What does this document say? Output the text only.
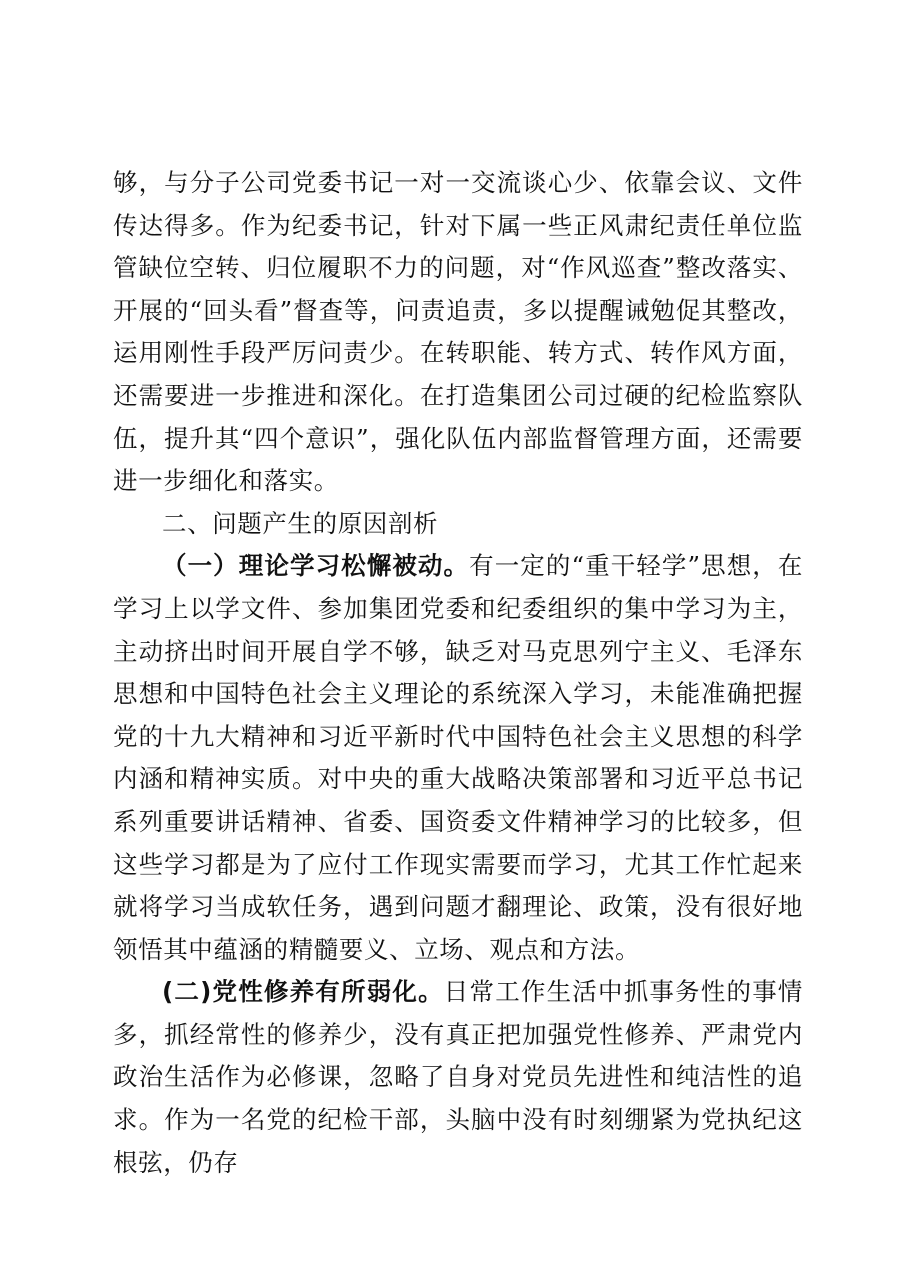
够，与分子公司党委书记一对一交流谈心少、依靠会议、文件传达得多。作为纪委书记，针对下属一些正风肃纪责任单位监管缺位空转、归位履职不力的问题，对“作风巡查”整改落实、开展的“回头看”督查等，问责追责，多以提醒诫勉促其整改，运用刚性手段严厉问责少。在转职能、转方式、转作风方面，还需要进一步推进和深化。在打造集团公司过硬的纪检监察队伍，提升其“四个意识”，强化队伍内部监督管理方面，还需要进一步细化和落实。

二、问题产生的原因剖析

（一）理论学习松懈被动。有一定的“重干轻学”思想，在学习上以学文件、参加集团党委和纪委组织的集中学习为主，主动挤出时间开展自学不够，缺乏对马克思列宁主义、毛泽东思想和中国特色社会主义理论的系统深入学习，未能准确把握党的十九大精神和习近平新时代中国特色社会主义思想的科学内涵和精神实质。对中央的重大战略决策部署和习近平总书记系列重要讲话精神、省委、国资委文件精神学习的比较多，但这些学习都是为了应付工作现实需要而学习，尤其工作忙起来就将学习当成软任务，遇到问题才翻理论、政策，没有很好地领悟其中蕴涵的精髓要义、立场、观点和方法。

(二)党性修养有所弱化。日常工作生活中抓事务性的事情多，抓经常性的修养少，没有真正把加强党性修养、严肃党内政治生活作为必修课，忽略了自身对党员先进性和纯洁性的追求。作为一名党的纪检干部，头脑中没有时刻绷紧为党执纪这根弦，仍存
